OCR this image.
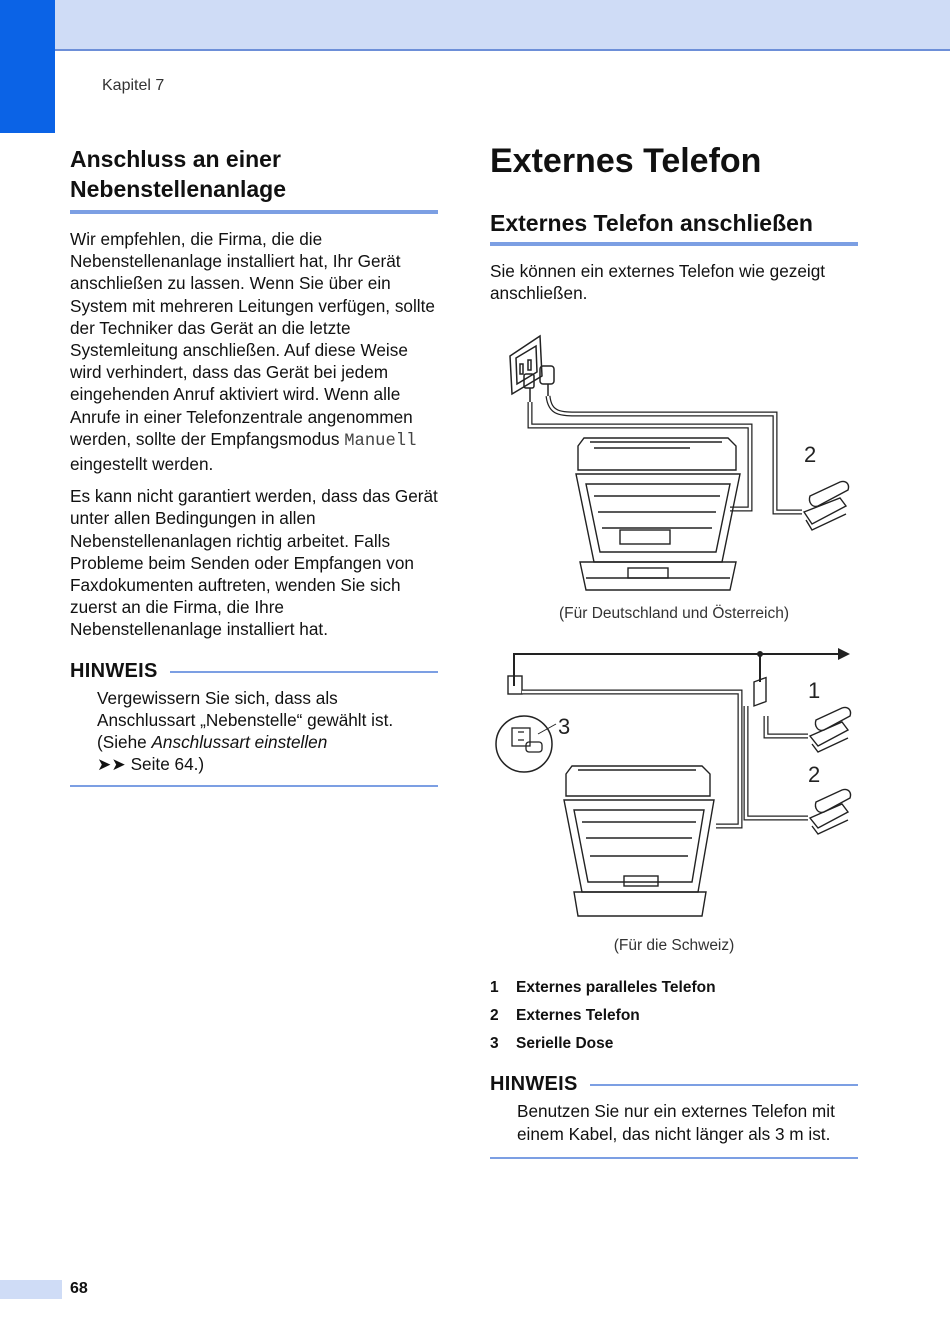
Kapitel 7
Anschluss an einer
Nebenstellenanlage

Wir empfehlen, die Firma, die die Nebenstellenanlage installiert hat, Ihr Gerät anschließen zu lassen. Wenn Sie über ein System mit mehreren Leitungen verfügen, sollte der Techniker das Gerät an die letzte Systemleitung anschließen. Auf diese Weise wird verhindert, dass das Gerät bei jedem eingehenden Anruf aktiviert wird. Wenn alle Anrufe in einer Telefonzentrale angenommen werden, sollte der Empfangsmodus Manuell eingestellt werden.

Es kann nicht garantiert werden, dass das Gerät unter allen Bedingungen in allen Nebenstellenanlagen richtig arbeitet. Falls Probleme beim Senden oder Empfangen von Faxdokumenten auftreten, wenden Sie sich zuerst an die Firma, die Ihre Nebenstellenanlage installiert hat.

HINWEIS
Vergewissern Sie sich, dass als Anschlussart „Nebenstelle“ gewählt ist. (Siehe Anschlussart einstellen
➤➤ Seite 64.)
Externes Telefon
Externes Telefon anschließen

Sie können ein externes Telefon wie gezeigt anschließen.

2
(Für Deutschland und Österreich)
3
1
2
(Für die Schweiz)
1	Externes paralleles Telefon
2	Externes Telefon
3	Serielle Dose
HINWEIS
Benutzen Sie nur ein externes Telefon mit einem Kabel, das nicht länger als 3 m ist.
68
